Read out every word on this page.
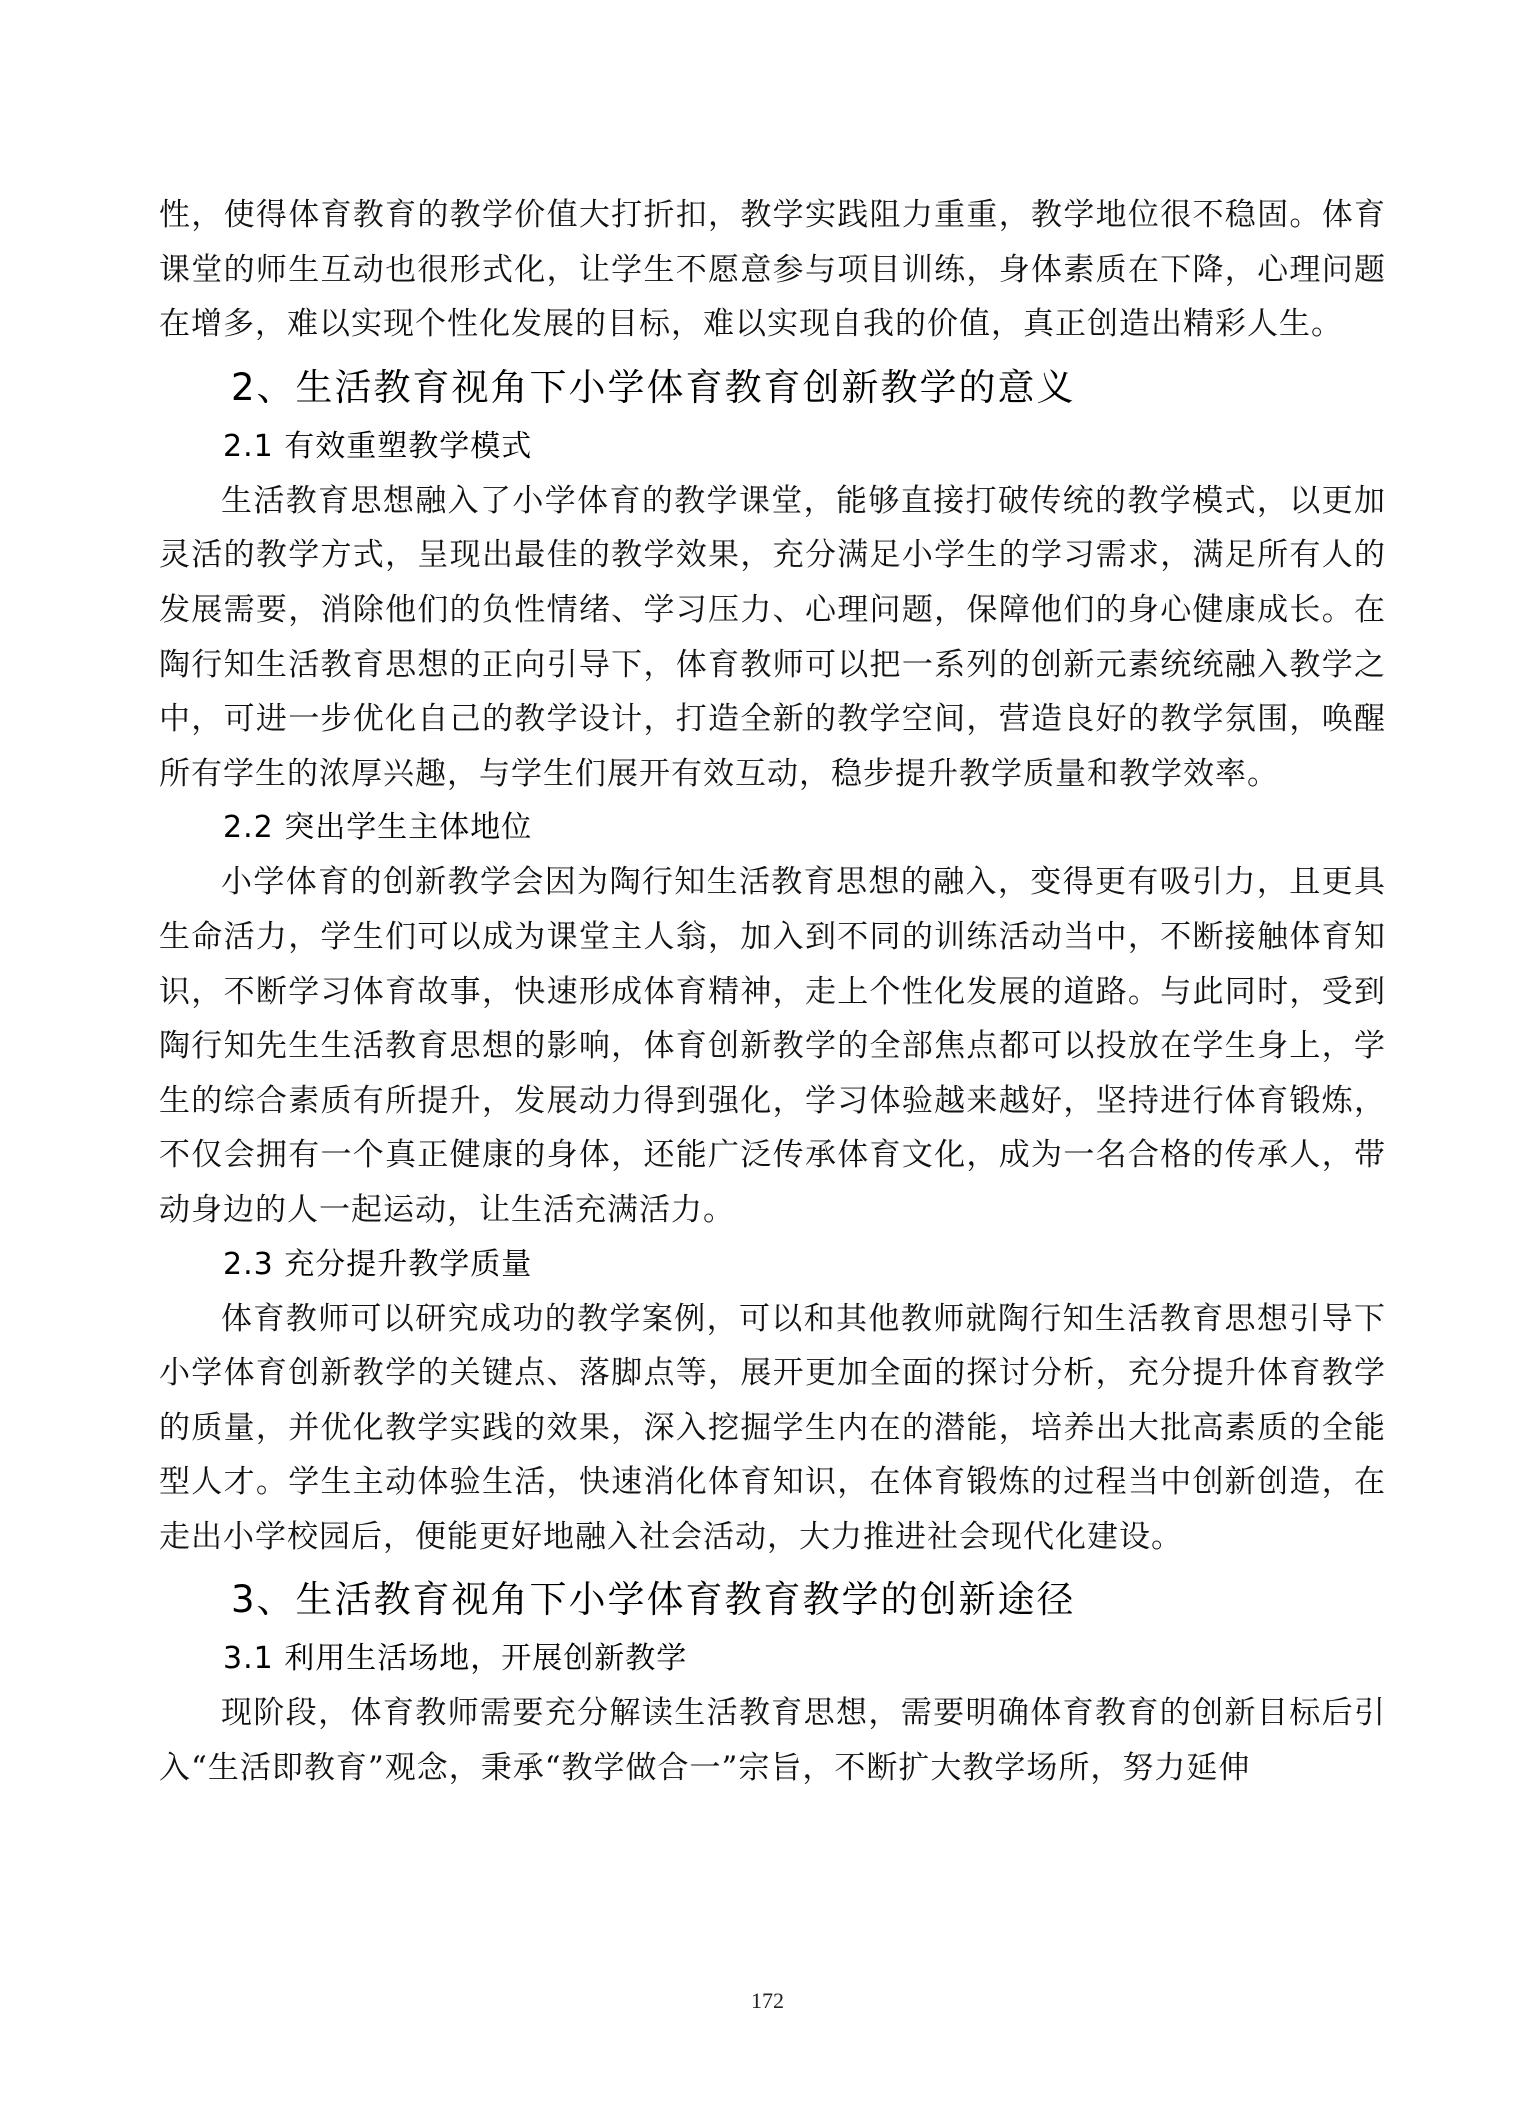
性，使得体育教育的教学价值大打折扣，教学实践阻力重重，教学地位很不稳固。体育课堂的师生互动也很形式化，让学生不愿意参与项目训练，身体素质在下降，心理问题在增多，难以实现个性化发展的目标，难以实现自我的价值，真正创造出精彩人生。

2、生活教育视角下小学体育教育创新教学的意义
2.1 有效重塑教学模式

生活教育思想融入了小学体育的教学课堂，能够直接打破传统的教学模式，以更加灵活的教学方式，呈现出最佳的教学效果，充分满足小学生的学习需求，满足所有人的发展需要，消除他们的负性情绪、学习压力、心理问题，保障他们的身心健康成长。在陶行知生活教育思想的正向引导下，体育教师可以把一系列的创新元素统统融入教学之中，可进一步优化自己的教学设计，打造全新的教学空间，营造良好的教学氛围，唤醒所有学生的浓厚兴趣，与学生们展开有效互动，稳步提升教学质量和教学效率。

2.2 突出学生主体地位

小学体育的创新教学会因为陶行知生活教育思想的融入，变得更有吸引力，且更具生命活力，学生们可以成为课堂主人翁，加入到不同的训练活动当中，不断接触体育知识，不断学习体育故事，快速形成体育精神，走上个性化发展的道路。与此同时，受到陶行知先生生活教育思想的影响，体育创新教学的全部焦点都可以投放在学生身上，学生的综合素质有所提升，发展动力得到强化，学习体验越来越好，坚持进行体育锻炼，不仅会拥有一个真正健康的身体，还能广泛传承体育文化，成为一名合格的传承人，带动身边的人一起运动，让生活充满活力。

2.3 充分提升教学质量

体育教师可以研究成功的教学案例，可以和其他教师就陶行知生活教育思想引导下小学体育创新教学的关键点、落脚点等，展开更加全面的探讨分析，充分提升体育教学的质量，并优化教学实践的效果，深入挖掘学生内在的潜能，培养出大批高素质的全能型人才。学生主动体验生活，快速消化体育知识，在体育锻炼的过程当中创新创造，在走出小学校园后，便能更好地融入社会活动，大力推进社会现代化建设。

3、生活教育视角下小学体育教育教学的创新途径
3.1 利用生活场地，开展创新教学

现阶段，体育教师需要充分解读生活教育思想，需要明确体育教育的创新目标后引入“生活即教育”观念，秉承“教学做合一”宗旨，不断扩大教学场所，努力延伸

172
